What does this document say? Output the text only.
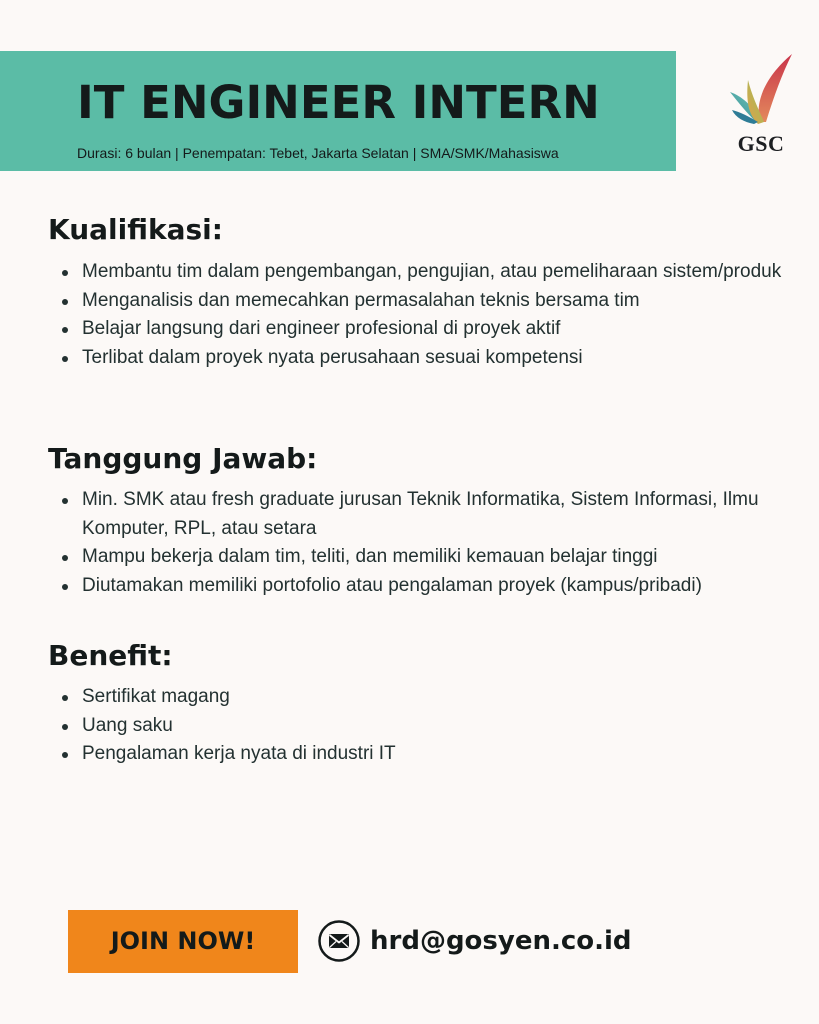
IT ENGINEER INTERN
Durasi: 6 bulan | Penempatan: Tebet, Jakarta Selatan | SMA/SMK/Mahasiswa	GSC
Kualifikasi:
Membantu tim dalam pengembangan, pengujian, atau pemeliharaan sistem/produk
Menganalisis dan memecahkan permasalahan teknis bersama tim
Belajar langsung dari engineer profesional di proyek aktif
Terlibat dalam proyek nyata perusahaan sesuai kompetensi
Tanggung Jawab:
Min. SMK atau fresh graduate jurusan Teknik Informatika, Sistem Informasi, Ilmu Komputer, RPL, atau setara
Mampu bekerja dalam tim, teliti, dan memiliki kemauan belajar tinggi
Diutamakan memiliki portofolio atau pengalaman proyek (kampus/pribadi)
Benefit:
Sertifikat magang
Uang saku
Pengalaman kerja nyata di industri IT
JOIN NOW!	hrd@gosyen.co.id
